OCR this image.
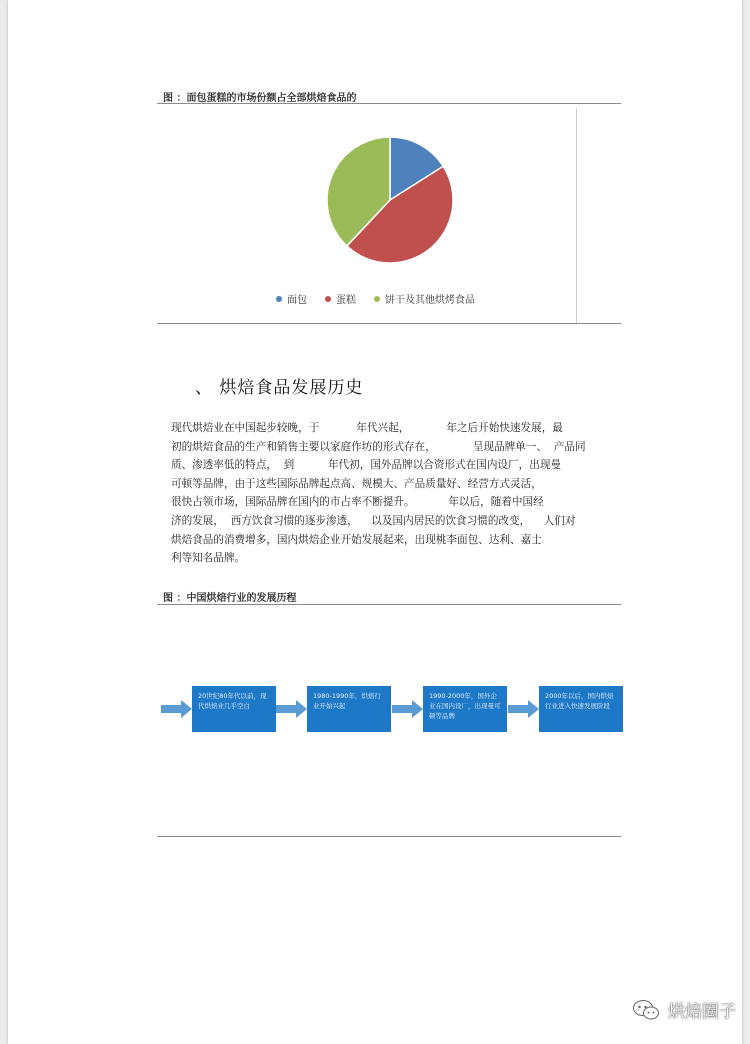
图 ：面包蛋糕的市场份额占全部烘焙食品的
面包	蛋糕	饼干及其他烘烤食品
、 烘焙食品发展历史
现代烘焙业在中国起步较晚，于           年代兴起，           年之后开始快速发展，最
初的烘焙食品的生产和销售主要以家庭作坊的形式存在，           呈现品牌单一、  产品同
质、渗透率低的特点，  到          年代初，国外品牌以合资形式在国内设厂，出现曼
可顿等品牌，由于这些国际品牌起点高、规模大、产品质量好、经营方式灵活，
很快占领市场，国际品牌在国内的市占率不断提升。          年以后，随着中国经
济的发展，  西方饮食习惯的逐步渗透，    以及国内居民的饮食习惯的改变，    人们对
烘焙食品的消费增多，国内烘焙企业开始发展起来，出现桃李面包、达利、嘉士
利等知名品牌。
图 ：中国烘焙行业的发展历程
20世纪80年代以前，现代烘焙业几乎空白
1980-1990年，烘焙行业开始兴起
1990-2000年，国外企业在国内设厂，出现曼可顿等品牌
2000年以后，国内烘焙行业进入快速发展阶段
烘焙圈子
